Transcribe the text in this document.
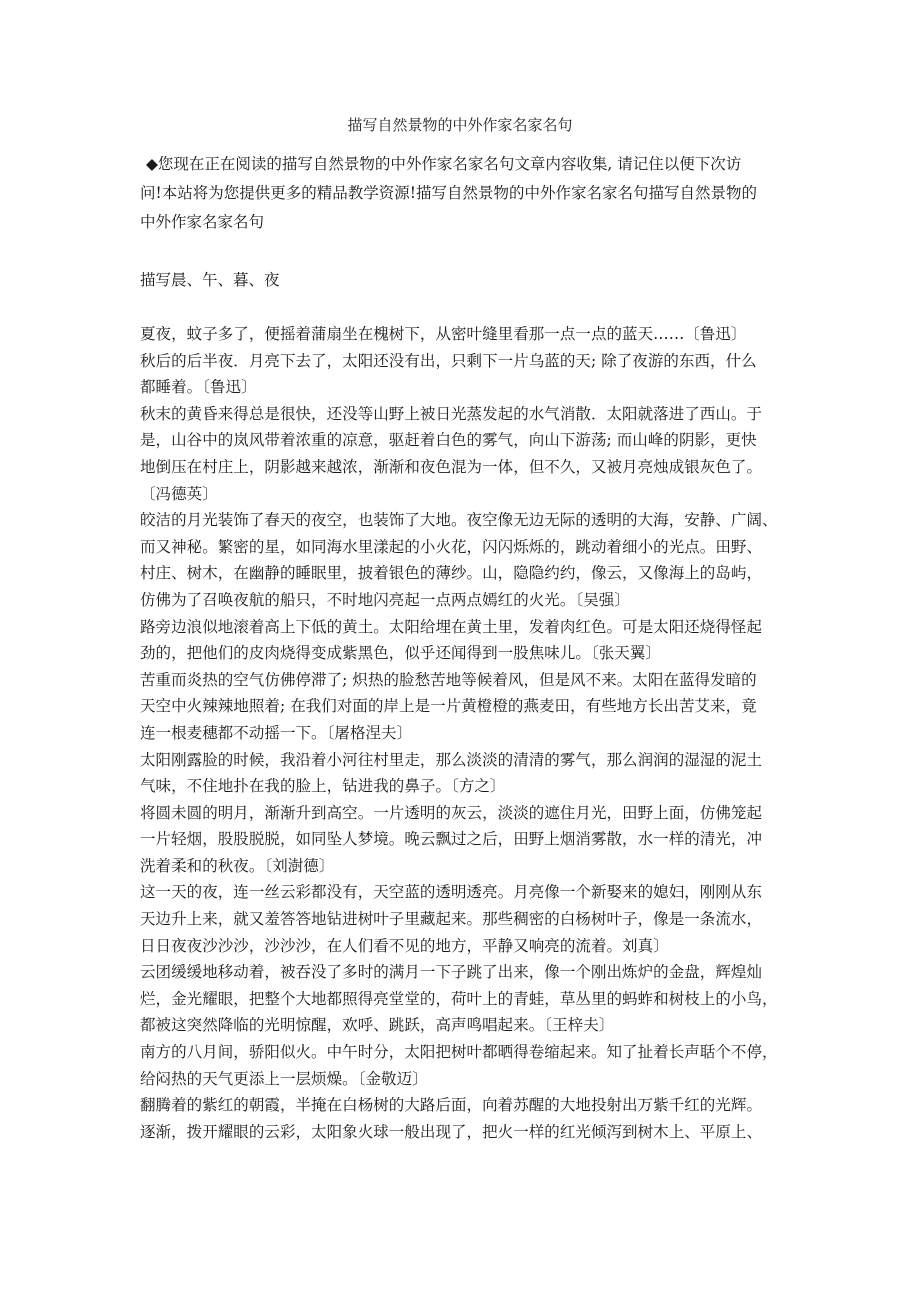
描写自然景物的中外作家名家名句
◆您现在正在阅读的描写自然景物的中外作家名家名句文章内容收集, 请记住以便下次访
问!本站将为您提供更多的精品教学资源!描写自然景物的中外作家名家名句描写自然景物的
中外作家名家名句
描写晨、午、暮、夜
夏夜，蚊子多了，便摇着蒲扇坐在槐树下，从密叶缝里看那一点一点的蓝天……〔鲁迅〕
秋后的后半夜．月亮下去了，太阳还没有出，只剩下一片乌蓝的天; 除了夜游的东西，什么
都睡着。〔鲁迅〕
秋末的黄昏来得总是很快，还没等山野上被日光蒸发起的水气消散．太阳就落进了西山。于
是，山谷中的岚风带着浓重的凉意，驱赶着白色的雾气，向山下游荡; 而山峰的阴影，更快
地倒压在村庄上，阴影越来越浓，渐渐和夜色混为一体，但不久，又被月亮烛成银灰色了。
〔冯德英〕
皎洁的月光装饰了春天的夜空，也装饰了大地。夜空像无边无际的透明的大海，安静、广阔、
而又神秘。繁密的星，如同海水里漾起的小火花，闪闪烁烁的，跳动着细小的光点。田野、
村庄、树木，在幽静的睡眠里，披着银色的薄纱。山，隐隐约约，像云，又像海上的岛屿，
仿佛为了召唤夜航的船只，不时地闪亮起一点两点嫣红的火光。〔吴强〕
路旁边浪似地滚着高上下低的黄土。太阳给埋在黄土里，发着肉红色。可是太阳还烧得怪起
劲的，把他们的皮肉烧得变成紫黑色，似乎还闻得到一股焦味儿。〔张天翼〕
苦重而炎热的空气仿佛停滞了; 炽热的脸愁苦地等候着风，但是风不来。太阳在蓝得发暗的
天空中火辣辣地照着; 在我们对面的岸上是一片黄橙橙的燕麦田，有些地方长出苦艾来，竟
连一根麦穗都不动摇一下。〔屠格涅夫〕
太阳刚露脸的时候，我沿着小河往村里走，那么淡淡的清清的雾气，那么润润的湿湿的泥土
气味，不住地扑在我的脸上，钻进我的鼻子。〔方之〕
将圆未圆的明月，渐渐升到高空。一片透明的灰云，淡淡的遮住月光，田野上面，仿佛笼起
一片轻烟，股股脱脱，如同坠人梦境。晚云飘过之后，田野上烟消雾散，水一样的清光，冲
洗着柔和的秋夜。〔刘澍德〕
这一天的夜，连一丝云彩都没有，天空蓝的透明透亮。月亮像一个新娶来的媳妇，刚刚从东
天边升上来，就又羞答答地钻进树叶子里藏起来。那些稠密的白杨树叶子，像是一条流水，
日日夜夜沙沙沙，沙沙沙，在人们看不见的地方，平静又响亮的流着。刘真〕
云团缓缓地移动着，被吞没了多时的满月一下子跳了出来，像一个刚出炼炉的金盘，辉煌灿
烂，金光耀眼，把整个大地都照得亮堂堂的，荷叶上的青蛙，草丛里的蚂蚱和树枝上的小鸟，
都被这突然降临的光明惊醒，欢呼、跳跃，高声鸣唱起来。〔王梓夫〕
南方的八月间，骄阳似火。中午时分，太阳把树叶都晒得卷缩起来。知了扯着长声聒个不停，
给闷热的天气更添上一层烦燥。〔金敬迈〕
翻腾着的紫红的朝霞，半掩在白杨树的大路后面，向着苏醒的大地投射出万紫千红的光辉。
逐渐，拨开耀眼的云彩，太阳象火球一般出现了，把火一样的红光倾泻到树木上、平原上、
